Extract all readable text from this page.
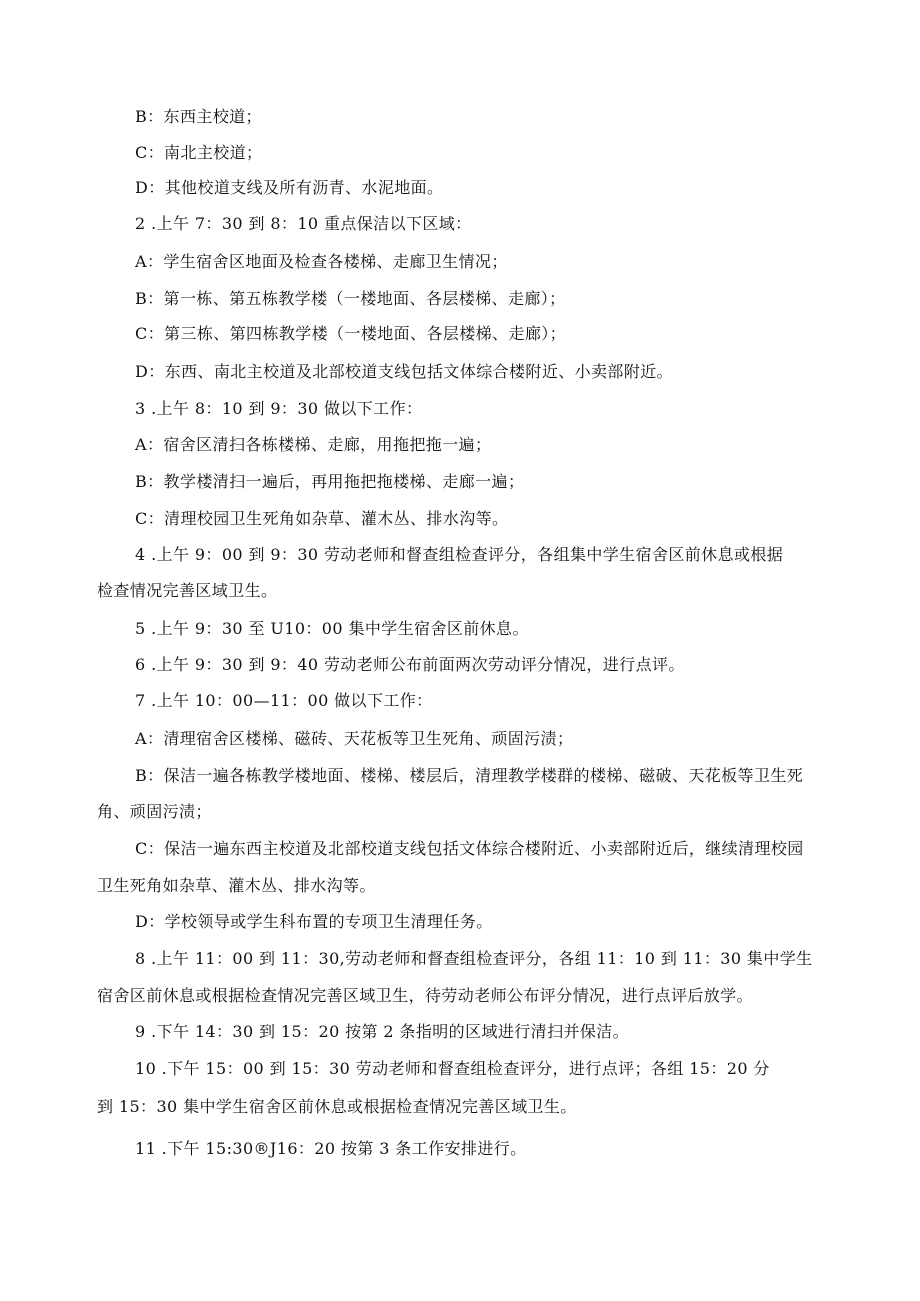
B：东西主校道；
C：南北主校道；
D：其他校道支线及所有沥青、水泥地面。
2 .上午 7：30 到 8：10 重点保洁以下区域：
A：学生宿舍区地面及检查各楼梯、走廊卫生情况；
B：第一栋、第五栋教学楼（一楼地面、各层楼梯、走廊）；
C：第三栋、第四栋教学楼（一楼地面、各层楼梯、走廊）；
D：东西、南北主校道及北部校道支线包括文体综合楼附近、小卖部附近。
3 .上午 8：10 到 9：30 做以下工作：
A：宿舍区清扫各栋楼梯、走廊，用拖把拖一遍；
B：教学楼清扫一遍后，再用拖把拖楼梯、走廊一遍；
C：清理校园卫生死角如杂草、灌木丛、排水沟等。
4 .上午 9：00 到 9：30 劳动老师和督查组检查评分，各组集中学生宿舍区前休息或根据
检查情况完善区域卫生。
5 .上午 9：30 至 U10：00 集中学生宿舍区前休息。
6 .上午 9：30 到 9：40 劳动老师公布前面两次劳动评分情况，进行点评。
7 .上午 10：00—11：00 做以下工作：
A：清理宿舍区楼梯、磁砖、天花板等卫生死角、顽固污渍；
B：保洁一遍各栋教学楼地面、楼梯、楼层后，清理教学楼群的楼梯、磁破、天花板等卫生死
角、顽固污渍；
C：保洁一遍东西主校道及北部校道支线包括文体综合楼附近、小卖部附近后，继续清理校园
卫生死角如杂草、灌木丛、排水沟等。
D：学校领导或学生科布置的专项卫生清理任务。
8 .上午 11：00 到 11：30,劳动老师和督查组检查评分，各组 11：10 到 11：30 集中学生
宿舍区前休息或根据检查情况完善区域卫生，待劳动老师公布评分情况，进行点评后放学。
9 .下午 14：30 到 15：20 按第 2 条指明的区域进行清扫并保洁。
10 .下午 15：00 到 15：30 劳动老师和督查组检查评分，进行点评；各组 15：20 分
到 15：30 集中学生宿舍区前休息或根据检查情况完善区域卫生。
11 .下午 15:30®J16：20 按第 3 条工作安排进行。
